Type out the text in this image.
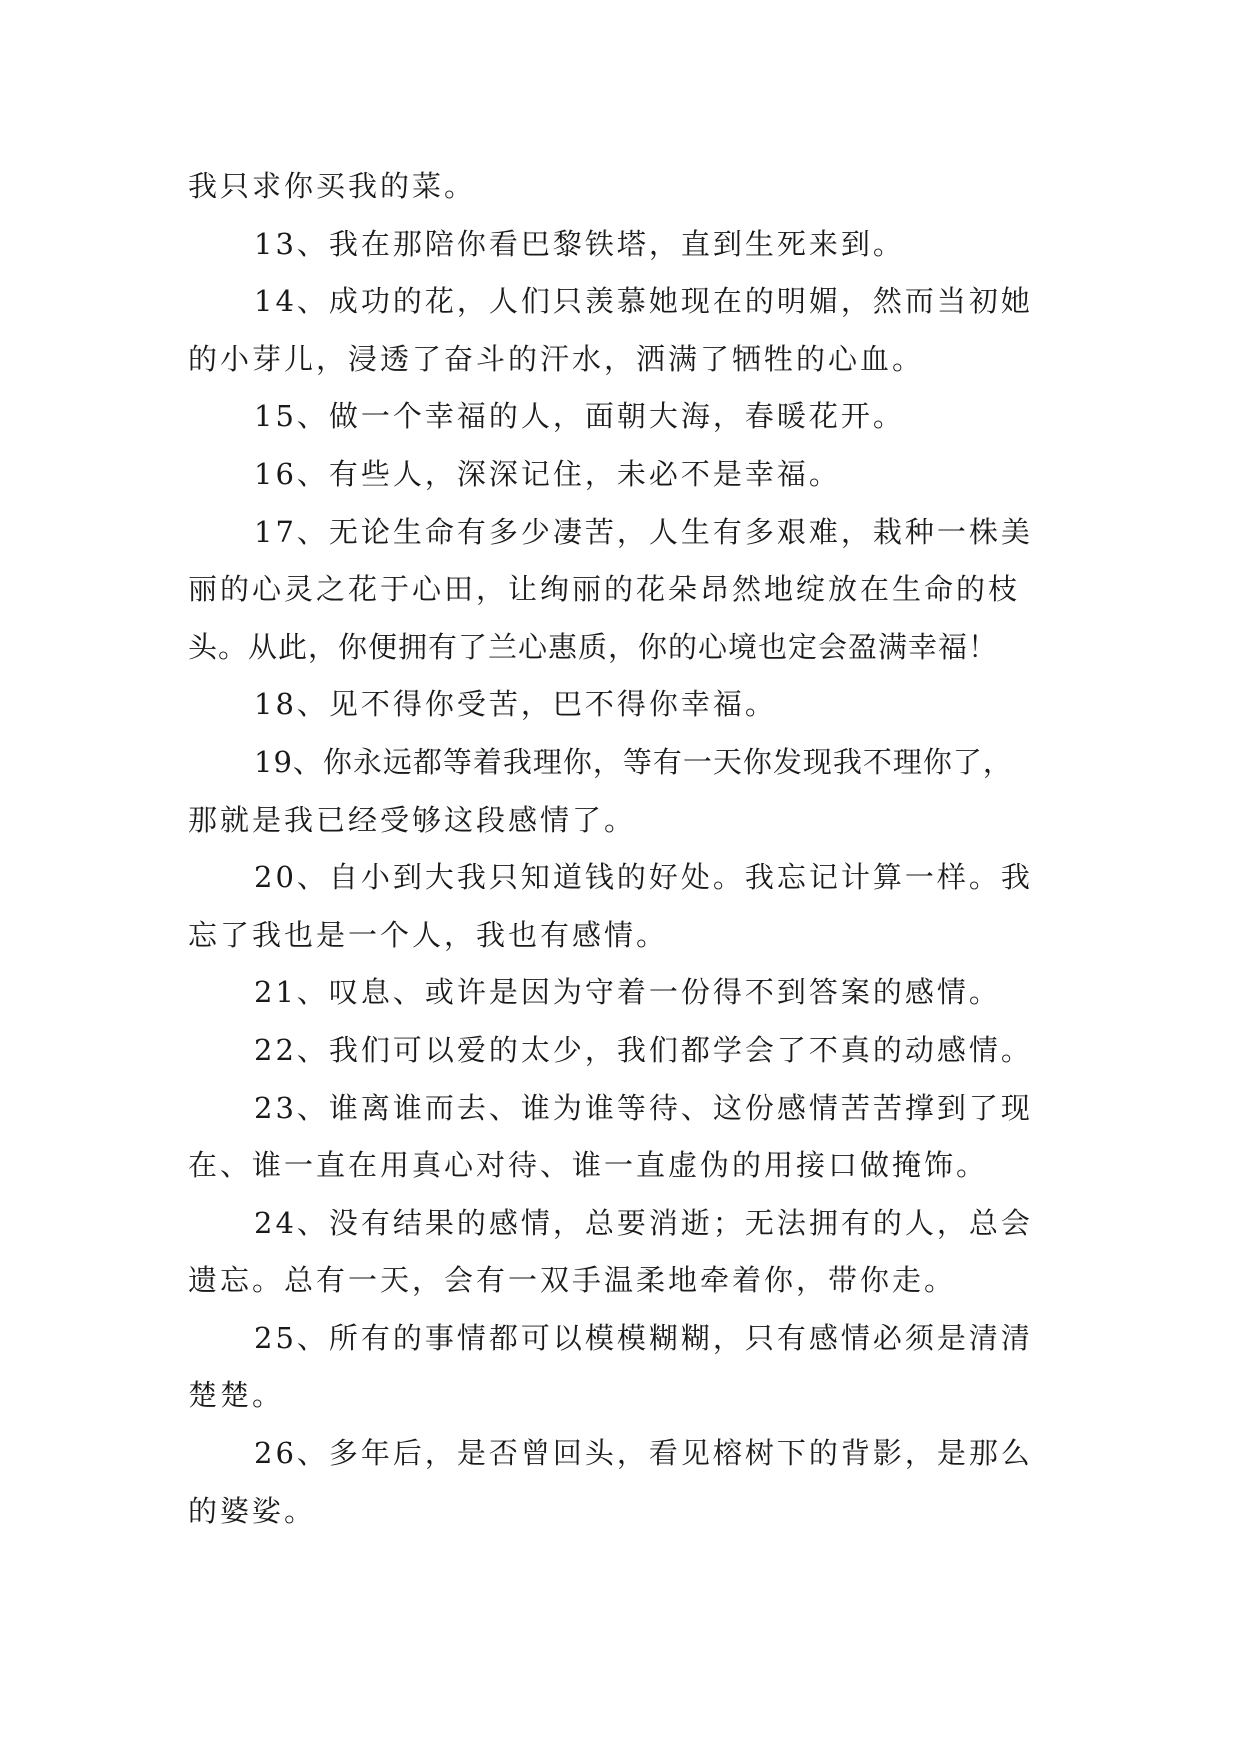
我只求你买我的菜。
13、我在那陪你看巴黎铁塔，直到生死来到。
14、成功的花，人们只羡慕她现在的明媚，然而当初她
的小芽儿，浸透了奋斗的汗水，洒满了牺牲的心血。
15、做一个幸福的人，面朝大海，春暖花开。
16、有些人，深深记住，未必不是幸福。
17、无论生命有多少凄苦，人生有多艰难，栽种一株美
丽的心灵之花于心田，让绚丽的花朵昂然地绽放在生命的枝
头。从此，你便拥有了兰心惠质，你的心境也定会盈满幸福！
18、见不得你受苦，巴不得你幸福。
19、你永远都等着我理你，等有一天你发现我不理你了，
那就是我已经受够这段感情了。
20、自小到大我只知道钱的好处。我忘记计算一样。我
忘了我也是一个人，我也有感情。
21、叹息、或许是因为守着一份得不到答案的感情。
22、我们可以爱的太少，我们都学会了不真的动感情。
23、谁离谁而去、谁为谁等待、这份感情苦苦撑到了现
在、谁一直在用真心对待、谁一直虚伪的用接口做掩饰。
24、没有结果的感情，总要消逝；无法拥有的人，总会
遗忘。总有一天，会有一双手温柔地牵着你，带你走。
25、所有的事情都可以模模糊糊，只有感情必须是清清
楚楚。
26、多年后，是否曾回头，看见榕树下的背影，是那么
的婆娑。
